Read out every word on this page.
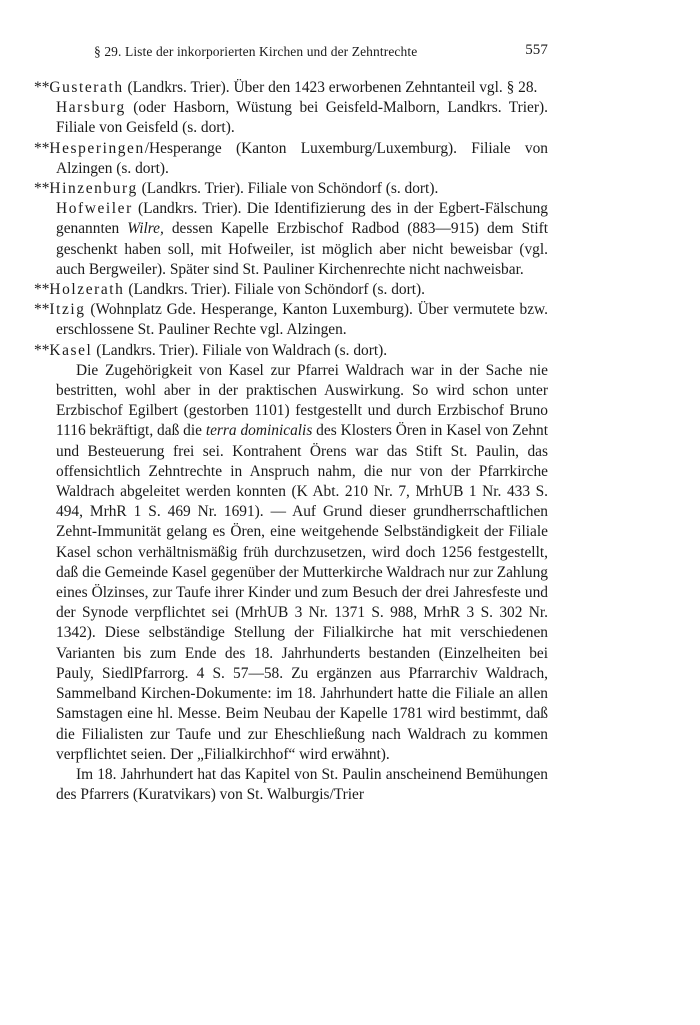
§ 29. Liste der inkorporierten Kirchen und der Zehntrechte	557

**Gusterath (Landkrs. Trier). Über den 1423 erworbenen Zehntanteil vgl. § 28.

Harsburg (oder Hasborn, Wüstung bei Geisfeld-Malborn, Landkrs. Trier). Filiale von Geisfeld (s. dort).

**Hesperingen/Hesperange (Kanton Luxemburg/Luxemburg). Filiale von Alzingen (s. dort).

**Hinzenburg (Landkrs. Trier). Filiale von Schöndorf (s. dort).

Hofweiler (Landkrs. Trier). Die Identifizierung des in der Egbert-Fälschung genannten Wilre, dessen Kapelle Erzbischof Radbod (883—915) dem Stift geschenkt haben soll, mit Hofweiler, ist möglich aber nicht beweisbar (vgl. auch Bergweiler). Später sind St. Pauliner Kirchenrechte nicht nachweisbar.

**Holzerath (Landkrs. Trier). Filiale von Schöndorf (s. dort).

**Itzig (Wohnplatz Gde. Hesperange, Kanton Luxemburg). Über vermutete bzw. erschlossene St. Pauliner Rechte vgl. Alzingen.

**Kasel (Landkrs. Trier). Filiale von Waldrach (s. dort).

Die Zugehörigkeit von Kasel zur Pfarrei Waldrach war in der Sache nie bestritten, wohl aber in der praktischen Auswirkung. So wird schon unter Erzbischof Egilbert (gestorben 1101) festgestellt und durch Erzbischof Bruno 1116 bekräftigt, daß die terra dominicalis des Klosters Ören in Kasel von Zehnt und Besteuerung frei sei. Kontrahent Örens war das Stift St. Paulin, das offensichtlich Zehntrechte in Anspruch nahm, die nur von der Pfarrkirche Waldrach abgeleitet werden konnten (K Abt. 210 Nr. 7, MrhUB 1 Nr. 433 S. 494, MrhR 1 S. 469 Nr. 1691). — Auf Grund dieser grundherrschaftlichen Zehnt-Immunität gelang es Ören, eine weitgehende Selbständigkeit der Filiale Kasel schon verhältnismäßig früh durchzusetzen, wird doch 1256 festgestellt, daß die Gemeinde Kasel gegenüber der Mutterkirche Waldrach nur zur Zahlung eines Ölzinses, zur Taufe ihrer Kinder und zum Besuch der drei Jahresfeste und der Synode verpflichtet sei (MrhUB 3 Nr. 1371 S. 988, MrhR 3 S. 302 Nr. 1342). Diese selbständige Stellung der Filialkirche hat mit verschiedenen Varianten bis zum Ende des 18. Jahrhunderts bestanden (Einzelheiten bei Pauly, SiedlPfarrorg. 4 S. 57—58. Zu ergänzen aus Pfarrarchiv Waldrach, Sammelband Kirchen-Dokumente: im 18. Jahrhundert hatte die Filiale an allen Samstagen eine hl. Messe. Beim Neubau der Kapelle 1781 wird bestimmt, daß die Filialisten zur Taufe und zur Eheschließung nach Waldrach zu kommen verpflichtet seien. Der „Filialkirchhof“ wird erwähnt).

Im 18. Jahrhundert hat das Kapitel von St. Paulin anscheinend Bemühungen des Pfarrers (Kuratvikars) von St. Walburgis/Trier
